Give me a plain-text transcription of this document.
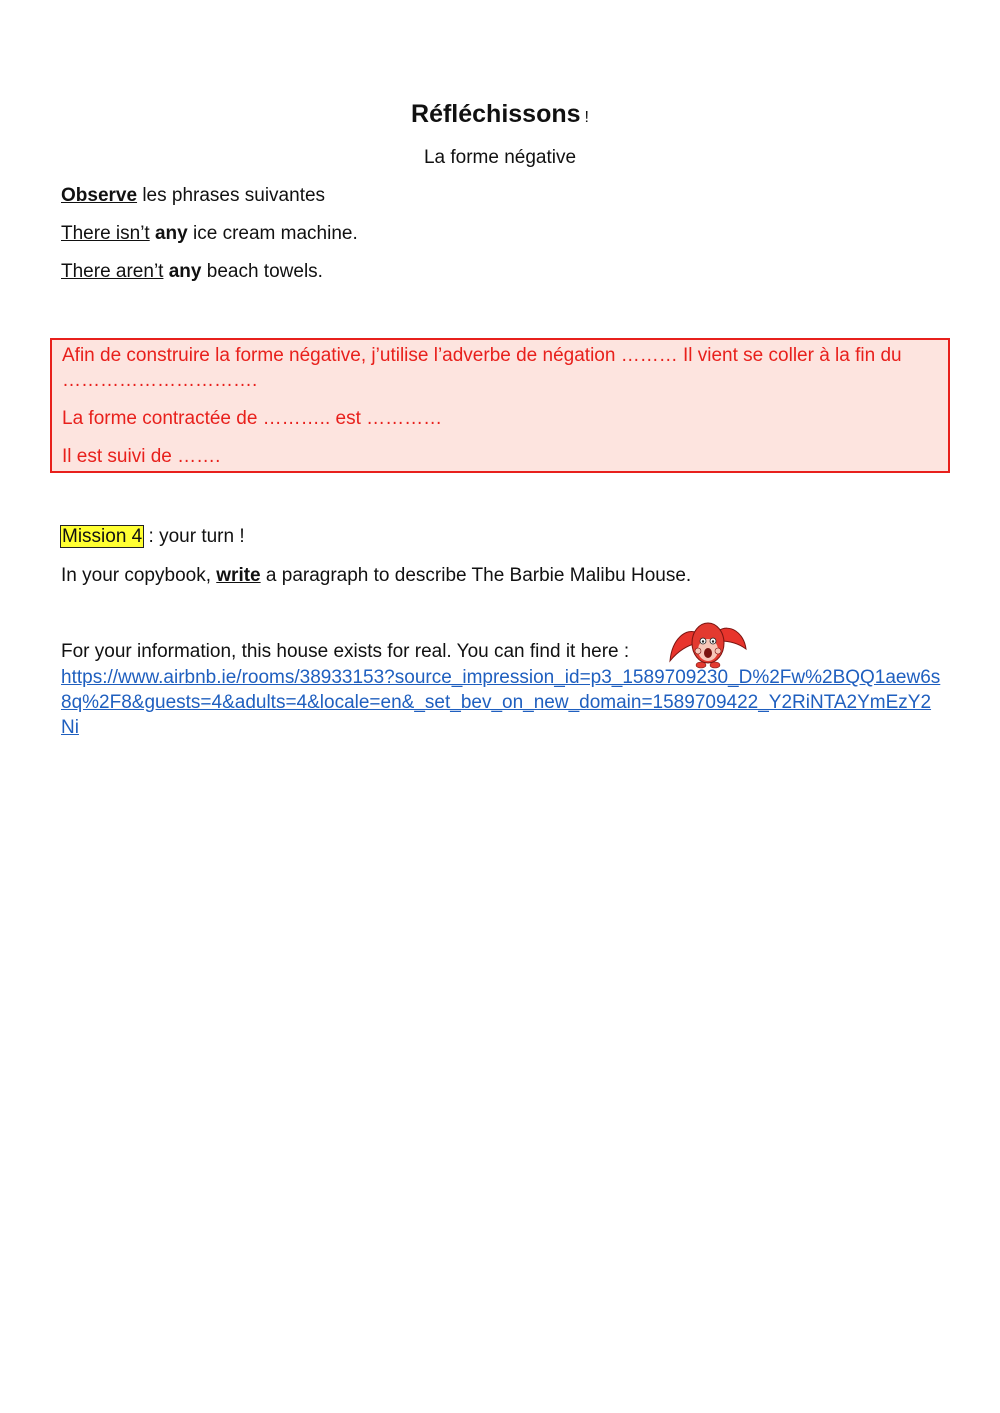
Réfléchissons !
La forme négative
Observe les phrases suivantes
There isn’t any ice cream machine.
There aren’t any beach towels.
Afin de construire la forme négative, j’utilise l’adverbe de négation ……… Il vient se coller à la fin du ………………………….
La forme contractée de ……….. est …………
Il est suivi de …….
Mission 4 : your turn !
In your copybook, write a paragraph to describe The Barbie Malibu House.
For your information, this house exists for real. You can find it here :
https://www.airbnb.ie/rooms/38933153?source_impression_id=p3_1589709230_D%2Fw%2BQQ1aew6s8q%2F8&guests=4&adults=4&locale=en&_set_bev_on_new_domain=1589709422_Y2RiNTA2YmEzY2Ni
